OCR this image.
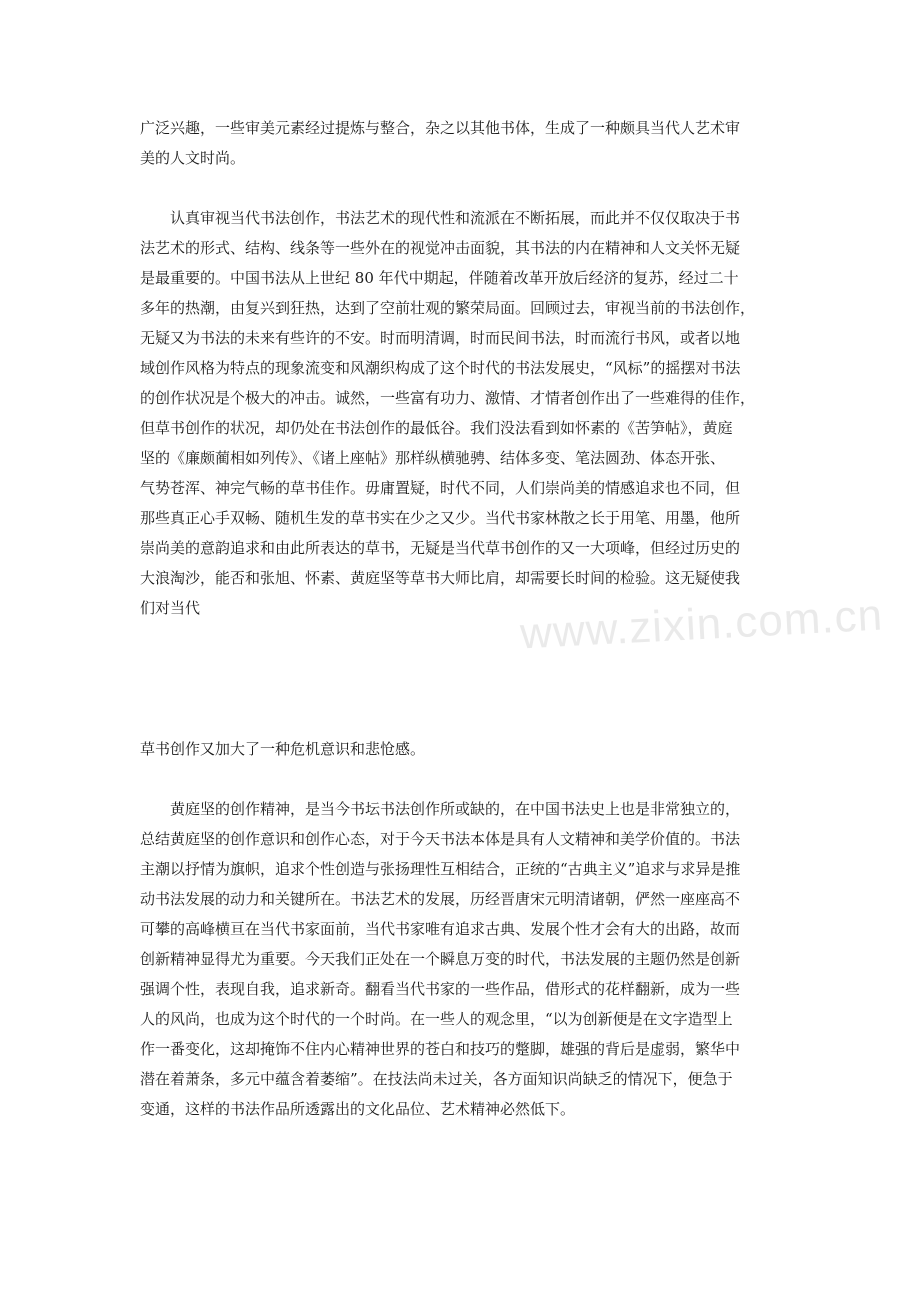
www.zixin.com.cn
广泛兴趣，一些审美元素经过提炼与整合，杂之以其他书体，生成了一种颇具当代人艺术审
美的人文时尚。
认真审视当代书法创作，书法艺术的现代性和流派在不断拓展，而此并不仅仅取决于书
法艺术的形式、结构、线条等一些外在的视觉冲击面貌，其书法的内在精神和人文关怀无疑
是最重要的。中国书法从上世纪 80 年代中期起，伴随着改革开放后经济的复苏，经过二十
多年的热潮，由复兴到狂热，达到了空前壮观的繁荣局面。回顾过去，审视当前的书法创作，
无疑又为书法的未来有些许的不安。时而明清调，时而民间书法，时而流行书风，或者以地
域创作风格为特点的现象流变和风潮织构成了这个时代的书法发展史，“风标”的摇摆对书法
的创作状况是个极大的冲击。诚然，一些富有功力、激情、才情者创作出了一些难得的佳作，
但草书创作的状况，却仍处在书法创作的最低谷。我们没法看到如怀素的《苦笋帖》，黄庭
坚的《廉颇蔺相如列传》、《诸上座帖》那样纵横驰骋、结体多变、笔法圆劲、体态开张、
气势苍浑、神完气畅的草书佳作。毋庸置疑，时代不同，人们崇尚美的情感追求也不同，但
那些真正心手双畅、随机生发的草书实在少之又少。当代书家林散之长于用笔、用墨，他所
崇尚美的意韵追求和由此所表达的草书，无疑是当代草书创作的又一大项峰，但经过历史的
大浪淘沙，能否和张旭、怀素、黄庭坚等草书大师比肩，却需要长时间的检验。这无疑使我
们对当代
草书创作又加大了一种危机意识和悲怆感。
黄庭坚的创作精神，是当今书坛书法创作所或缺的，在中国书法史上也是非常独立的，
总结黄庭坚的创作意识和创作心态，对于今天书法本体是具有人文精神和美学价值的。书法
主潮以抒情为旗帜，追求个性创造与张扬理性互相结合，正统的“古典主义”追求与求异是推
动书法发展的动力和关键所在。书法艺术的发展，历经晋唐宋元明清诸朝，俨然一座座高不
可攀的高峰横亘在当代书家面前，当代书家唯有追求古典、发展个性才会有大的出路，故而
创新精神显得尤为重要。今天我们正处在一个瞬息万变的时代，书法发展的主题仍然是创新
强调个性，表现自我，追求新奇。翻看当代书家的一些作品，借形式的花样翻新，成为一些
人的风尚，也成为这个时代的一个时尚。在一些人的观念里，“以为创新便是在文字造型上
作一番变化，这却掩饰不住内心精神世界的苍白和技巧的蹩脚，雄强的背后是虚弱，繁华中
潜在着萧条，多元中蕴含着萎缩”。在技法尚未过关，各方面知识尚缺乏的情况下，便急于
变通，这样的书法作品所透露出的文化品位、艺术精神必然低下。
